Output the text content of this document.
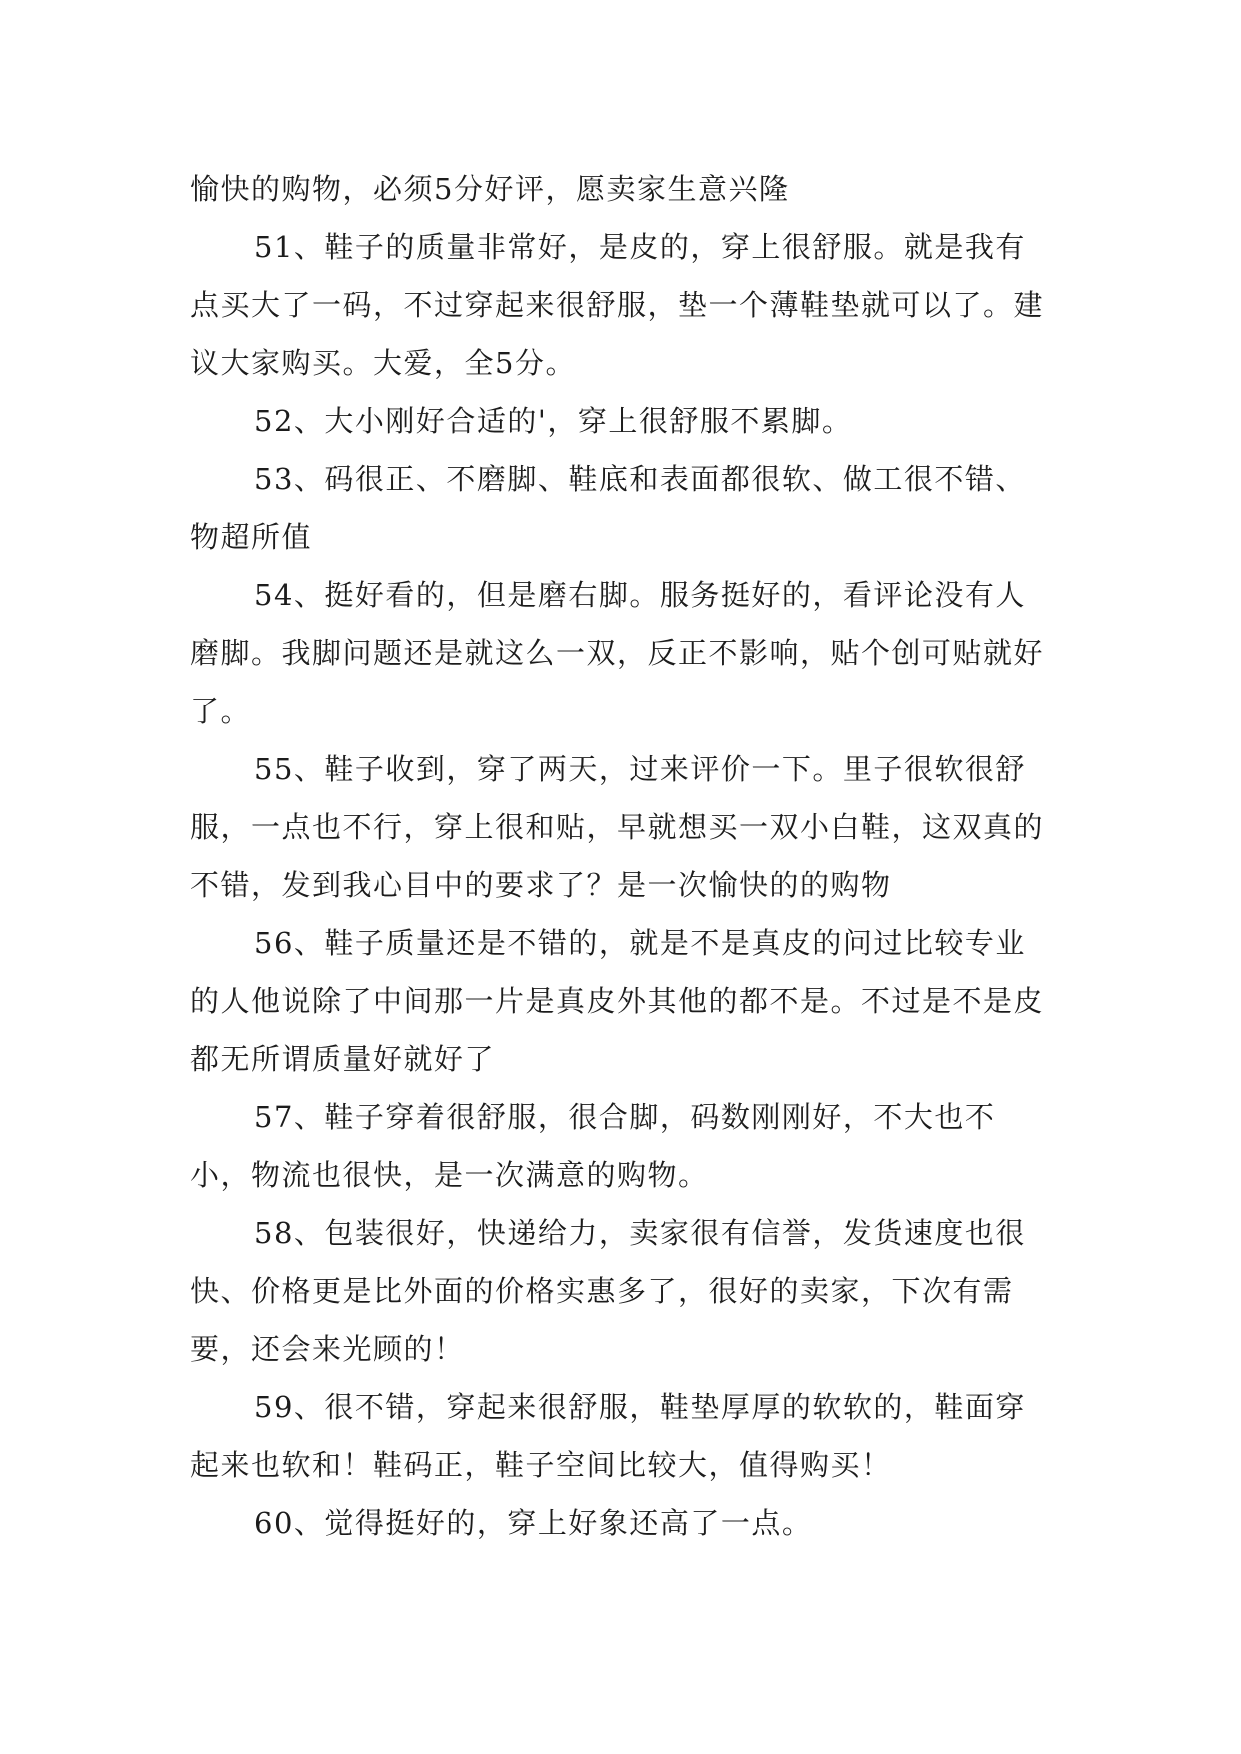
愉快的购物，必须5分好评，愿卖家生意兴隆

51、鞋子的质量非常好，是皮的，穿上很舒服。就是我有点买大了一码，不过穿起来很舒服，垫一个薄鞋垫就可以了。建议大家购买。大爱，全5分。

52、大小刚好合适的'，穿上很舒服不累脚。

53、码很正、不磨脚、鞋底和表面都很软、做工很不错、物超所值

54、挺好看的，但是磨右脚。服务挺好的，看评论没有人磨脚。我脚问题还是就这么一双，反正不影响，贴个创可贴就好了。

55、鞋子收到，穿了两天，过来评价一下。里子很软很舒服，一点也不行，穿上很和贴，早就想买一双小白鞋，这双真的不错，发到我心目中的要求了？是一次愉快的的购物

56、鞋子质量还是不错的，就是不是真皮的问过比较专业的人他说除了中间那一片是真皮外其他的都不是。不过是不是皮都无所谓质量好就好了

57、鞋子穿着很舒服，很合脚，码数刚刚好，不大也不小，物流也很快，是一次满意的购物。

58、包装很好，快递给力，卖家很有信誉，发货速度也很快、价格更是比外面的价格实惠多了，很好的卖家，下次有需要，还会来光顾的！

59、很不错，穿起来很舒服，鞋垫厚厚的软软的，鞋面穿起来也软和！鞋码正，鞋子空间比较大，值得购买！

60、觉得挺好的，穿上好象还高了一点。
